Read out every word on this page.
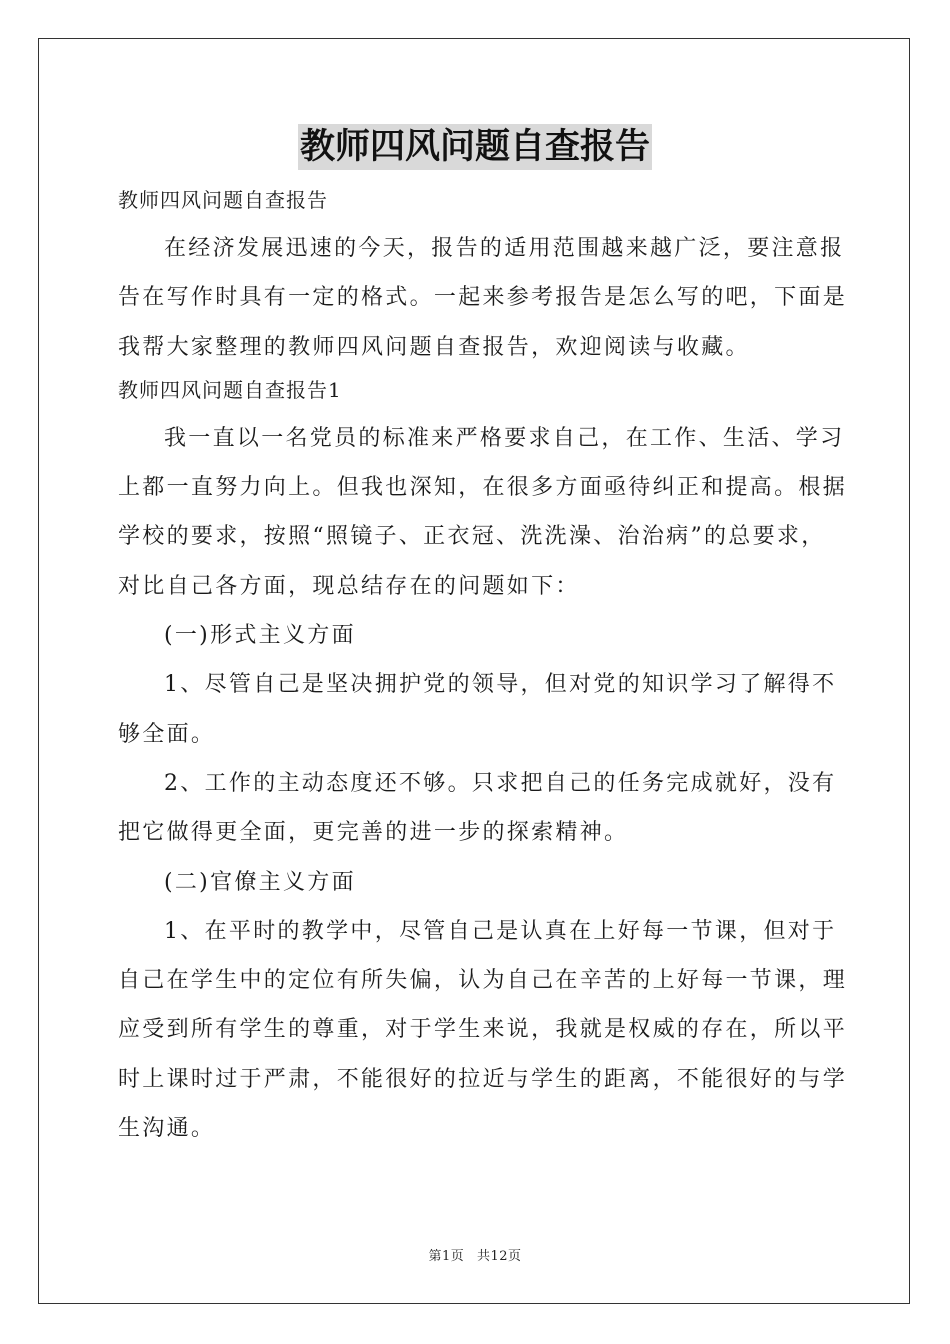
教师四风问题自查报告

教师四风问题自查报告

在经济发展迅速的今天，报告的适用范围越来越广泛，要注意报

告在写作时具有一定的格式。一起来参考报告是怎么写的吧，下面是

我帮大家整理的教师四风问题自查报告，欢迎阅读与收藏。

教师四风问题自查报告1

我一直以一名党员的标准来严格要求自己，在工作、生活、学习

上都一直努力向上。但我也深知，在很多方面亟待纠正和提高。根据

学校的要求，按照“照镜子、正衣冠、洗洗澡、治治病”的总要求，

对比自己各方面，现总结存在的问题如下：

(一)形式主义方面

1、尽管自己是坚决拥护党的领导，但对党的知识学习了解得不

够全面。

2、工作的主动态度还不够。只求把自己的任务完成就好，没有

把它做得更全面，更完善的进一步的探索精神。

(二)官僚主义方面

1、在平时的教学中，尽管自己是认真在上好每一节课，但对于

自己在学生中的定位有所失偏，认为自己在辛苦的上好每一节课，理

应受到所有学生的尊重，对于学生来说，我就是权威的存在，所以平

时上课时过于严肃，不能很好的拉近与学生的距离，不能很好的与学

生沟通。

第1页 共12页
